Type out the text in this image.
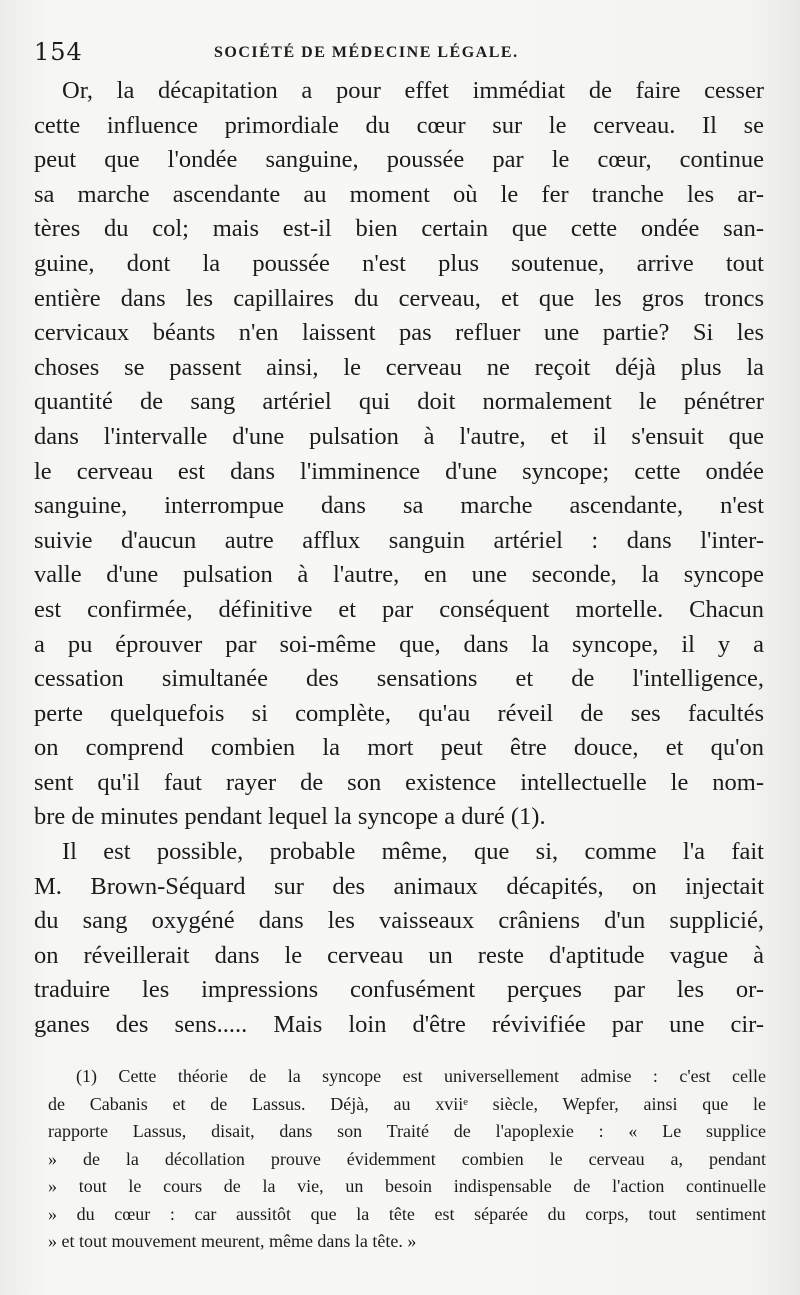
154	SOCIÉTÉ DE MÉDECINE LÉGALE.
Or, la décapitation a pour effet immédiat de faire cesser
cette influence primordiale du cœur sur le cerveau. Il se
peut que l'ondée sanguine, poussée par le cœur, continue
sa marche ascendante au moment où le fer tranche les ar-
tères du col; mais est-il bien certain que cette ondée san-
guine, dont la poussée n'est plus soutenue, arrive tout
entière dans les capillaires du cerveau, et que les gros troncs
cervicaux béants n'en laissent pas refluer une partie? Si les
choses se passent ainsi, le cerveau ne reçoit déjà plus la
quantité de sang artériel qui doit normalement le pénétrer
dans l'intervalle d'une pulsation à l'autre, et il s'ensuit que
le cerveau est dans l'imminence d'une syncope; cette ondée
sanguine, interrompue dans sa marche ascendante, n'est
suivie d'aucun autre afflux sanguin artériel : dans l'inter-
valle d'une pulsation à l'autre, en une seconde, la syncope
est confirmée, définitive et par conséquent mortelle. Chacun
a pu éprouver par soi-même que, dans la syncope, il y a
cessation simultanée des sensations et de l'intelligence,
perte quelquefois si complète, qu'au réveil de ses facultés
on comprend combien la mort peut être douce, et qu'on
sent qu'il faut rayer de son existence intellectuelle le nom-
bre de minutes pendant lequel la syncope a duré (1).
Il est possible, probable même, que si, comme l'a fait
M. Brown-Séquard sur des animaux décapités, on injectait
du sang oxygéné dans les vaisseaux crâniens d'un supplicié,
on réveillerait dans le cerveau un reste d'aptitude vague à
traduire les impressions confusément perçues par les or-
ganes des sens..... Mais loin d'être révivifiée par une cir-
(1) Cette théorie de la syncope est universellement admise : c'est celle
de Cabanis et de Lassus. Déjà, au xviiᵉ siècle, Wepfer, ainsi que le
rapporte Lassus, disait, dans son Traité de l'apoplexie : « Le supplice
» de la décollation prouve évidemment combien le cerveau a, pendant
» tout le cours de la vie, un besoin indispensable de l'action continuelle
» du cœur : car aussitôt que la tête est séparée du corps, tout sentiment
» et tout mouvement meurent, même dans la tête. »
